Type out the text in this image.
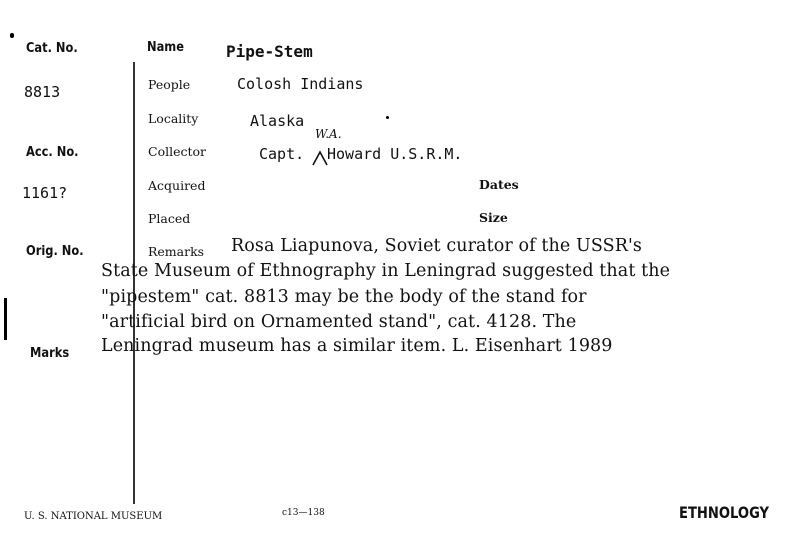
Cat. No.
8813
Acc. No.
1161?
Orig. No.
Marks
Name
People
Locality
Collector
Acquired
Placed
Dates
Size
Pipe-Stem
Colosh Indians
Alaska
Capt.
W.A.
Howard U.S.R.M.
Remarks Rosa Liapunova, Soviet curator of the USSR's
State Museum of Ethnography in Leningrad suggested that the
"pipestem" cat. 8813 may be the body of the stand for
"artificial bird on Ornamented stand", cat. 4128. The
Leningrad museum has a similar item. L. Eisenhart 1989
U. S. NATIONAL MUSEUM	c13—138	ETHNOLOGY
